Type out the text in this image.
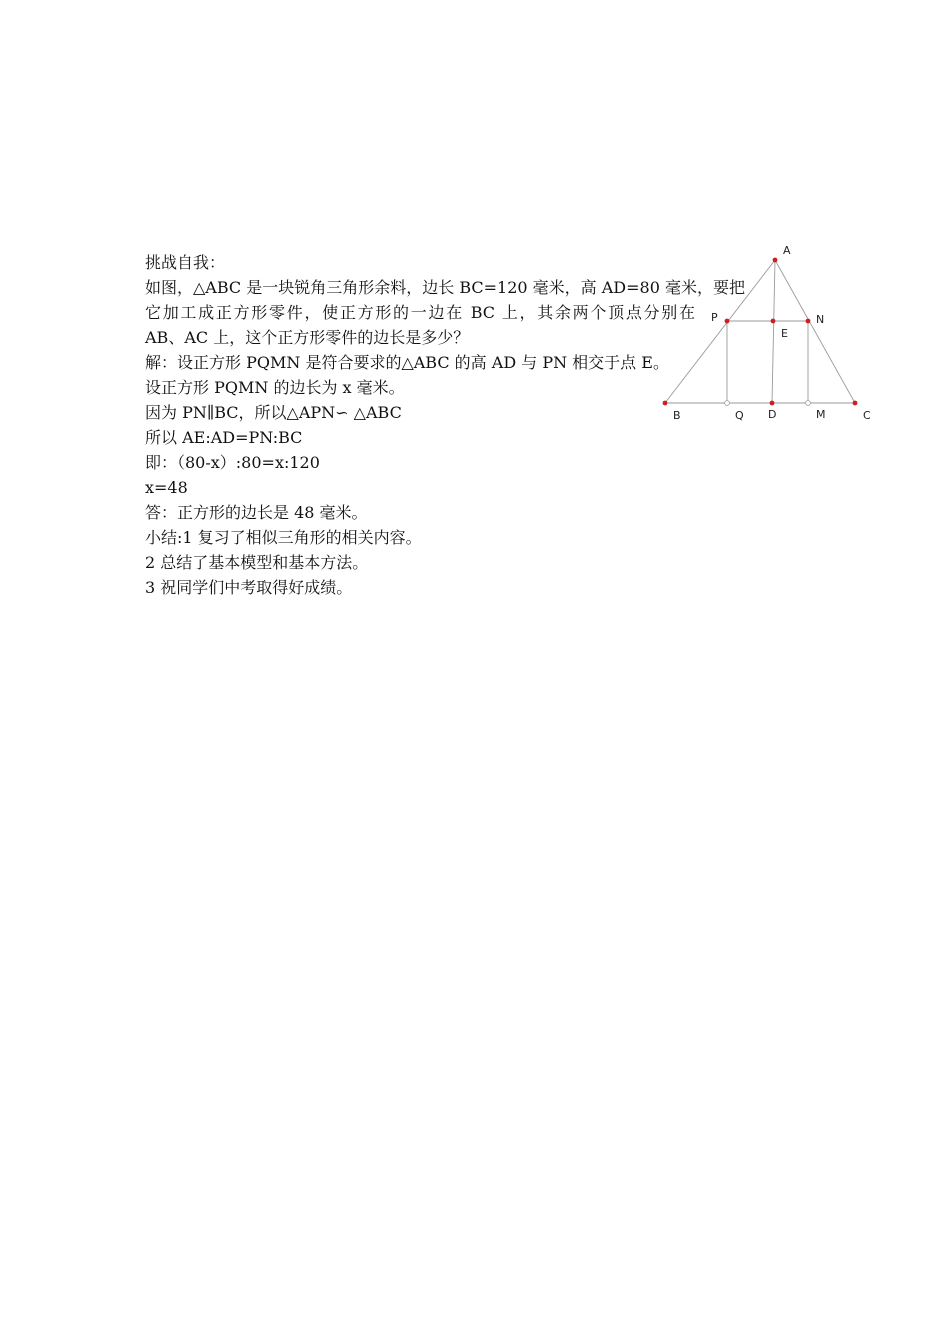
挑战自我：
如图，△ABC 是一块锐角三角形余料，边长 BC=120 毫米，高 AD=80 毫米，要把
它加工成正方形零件，使正方形的一边在 BC 上，其余两个顶点分别在
AB、AC 上，这个正方形零件的边长是多少？
解：设正方形 PQMN 是符合要求的△ABC 的高 AD 与 PN 相交于点 E。
设正方形 PQMN 的边长为 x 毫米。
因为 PN∥BC，所以△APN∽ △ABC
所以 AE:AD=PN:BC
即：（80-x）:80=x:120
x=48
答：正方形的边长是 48 毫米。
小结:1 复习了相似三角形的相关内容。
2 总结了基本模型和基本方法。
3 祝同学们中考取得好成绩。
A
B	C
D
E
P
Q	M
N
